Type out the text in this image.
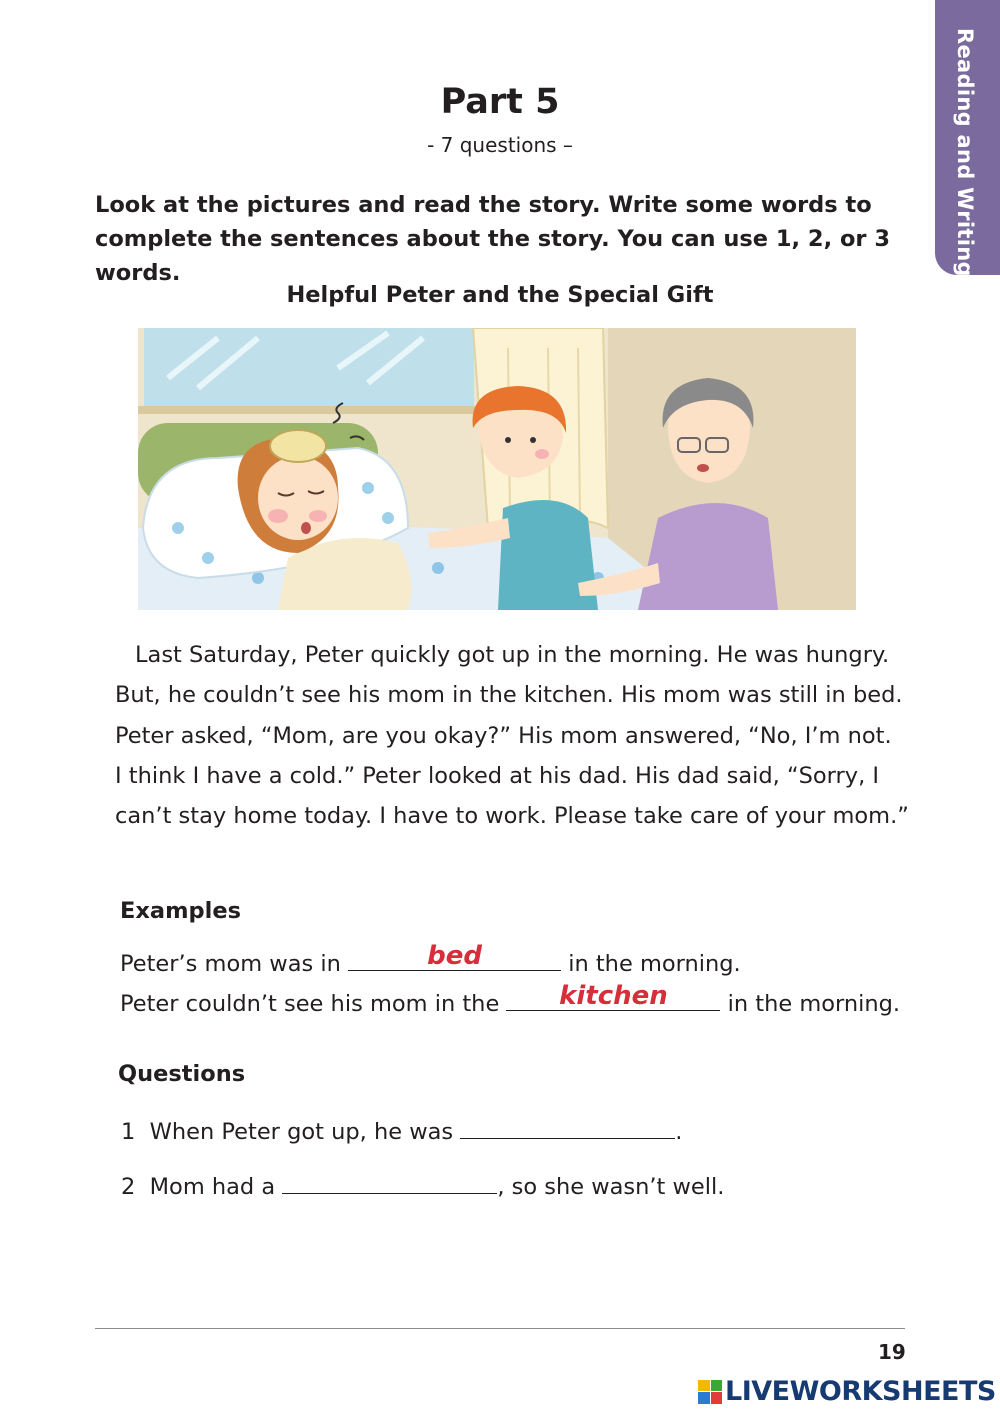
Reading and Writing
Part 5
- 7 questions –
Look at the pictures and read the story. Write some words to complete the sentences about the story. You can use 1, 2, or 3 words.
Helpful Peter and the Special Gift
Last Saturday, Peter quickly got up in the morning. He was hungry.
But, he couldn’t see his mom in the kitchen. His mom was still in bed.
Peter asked, “Mom, are you okay?” His mom answered, “No, I’m not.
I think I have a cold.” Peter looked at his dad. His dad said, “Sorry, I
can’t stay home today. I have to work. Please take care of your mom.”
Examples
Peter’s mom was in	bed	in the morning.
Peter couldn’t see his mom in the	kitchen	in the morning.
Questions
1 When Peter got up, he was	.
2 Mom had a	, so she wasn’t well.
19
LIVEWORKSHEETS
